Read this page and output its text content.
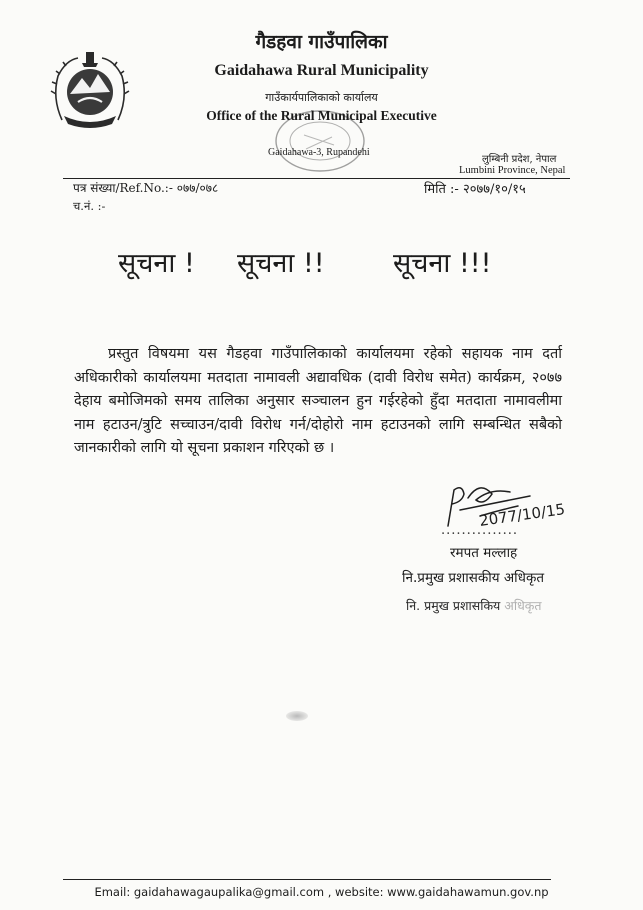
गैडहवा गाउँपालिका
Gaidahawa Rural Municipality
गाउँकार्यपालिकाको कार्यालय
Office of the Rural Municipal Executive
Gaidahawa-3, Rupandehi
लुम्बिनी प्रदेश, नेपाल
Lumbini Province, Nepal
पत्र संख्या/Ref.No.:- ०७७/०७८
च.नं. :-
मिति :- २०७७/१०/१५
सूचना ! सूचना !!	सूचना !!!

प्रस्तुत विषयमा यस गैडहवा गाउँपालिकाको कार्यालयमा रहेको सहायक नाम दर्ता अधिकारीको कार्यालयमा मतदाता नामावली अद्यावधिक (दावी विरोध समेत) कार्यक्रम, २०७७ देहाय बमोजिमको समय तालिका अनुसार सञ्चालन हुन गईरहेको हुँदा मतदाता नामावलीमा नाम हटाउन/त्रुटि सच्चाउन/दावी विरोध गर्न/दोहोरो नाम हटाउनको लागि सम्बन्धित सबैको जानकारीको लागि यो सूचना प्रकाशन गरिएको छ ।

2077/10/15
...............
रमपत मल्लाह
नि.प्रमुख प्रशासकीय अधिकृत
नि. प्रमुख प्रशासकिय अधिकृत
Email: gaidahawagaupalika@gmail.com , website: www.gaidahawamun.gov.np
